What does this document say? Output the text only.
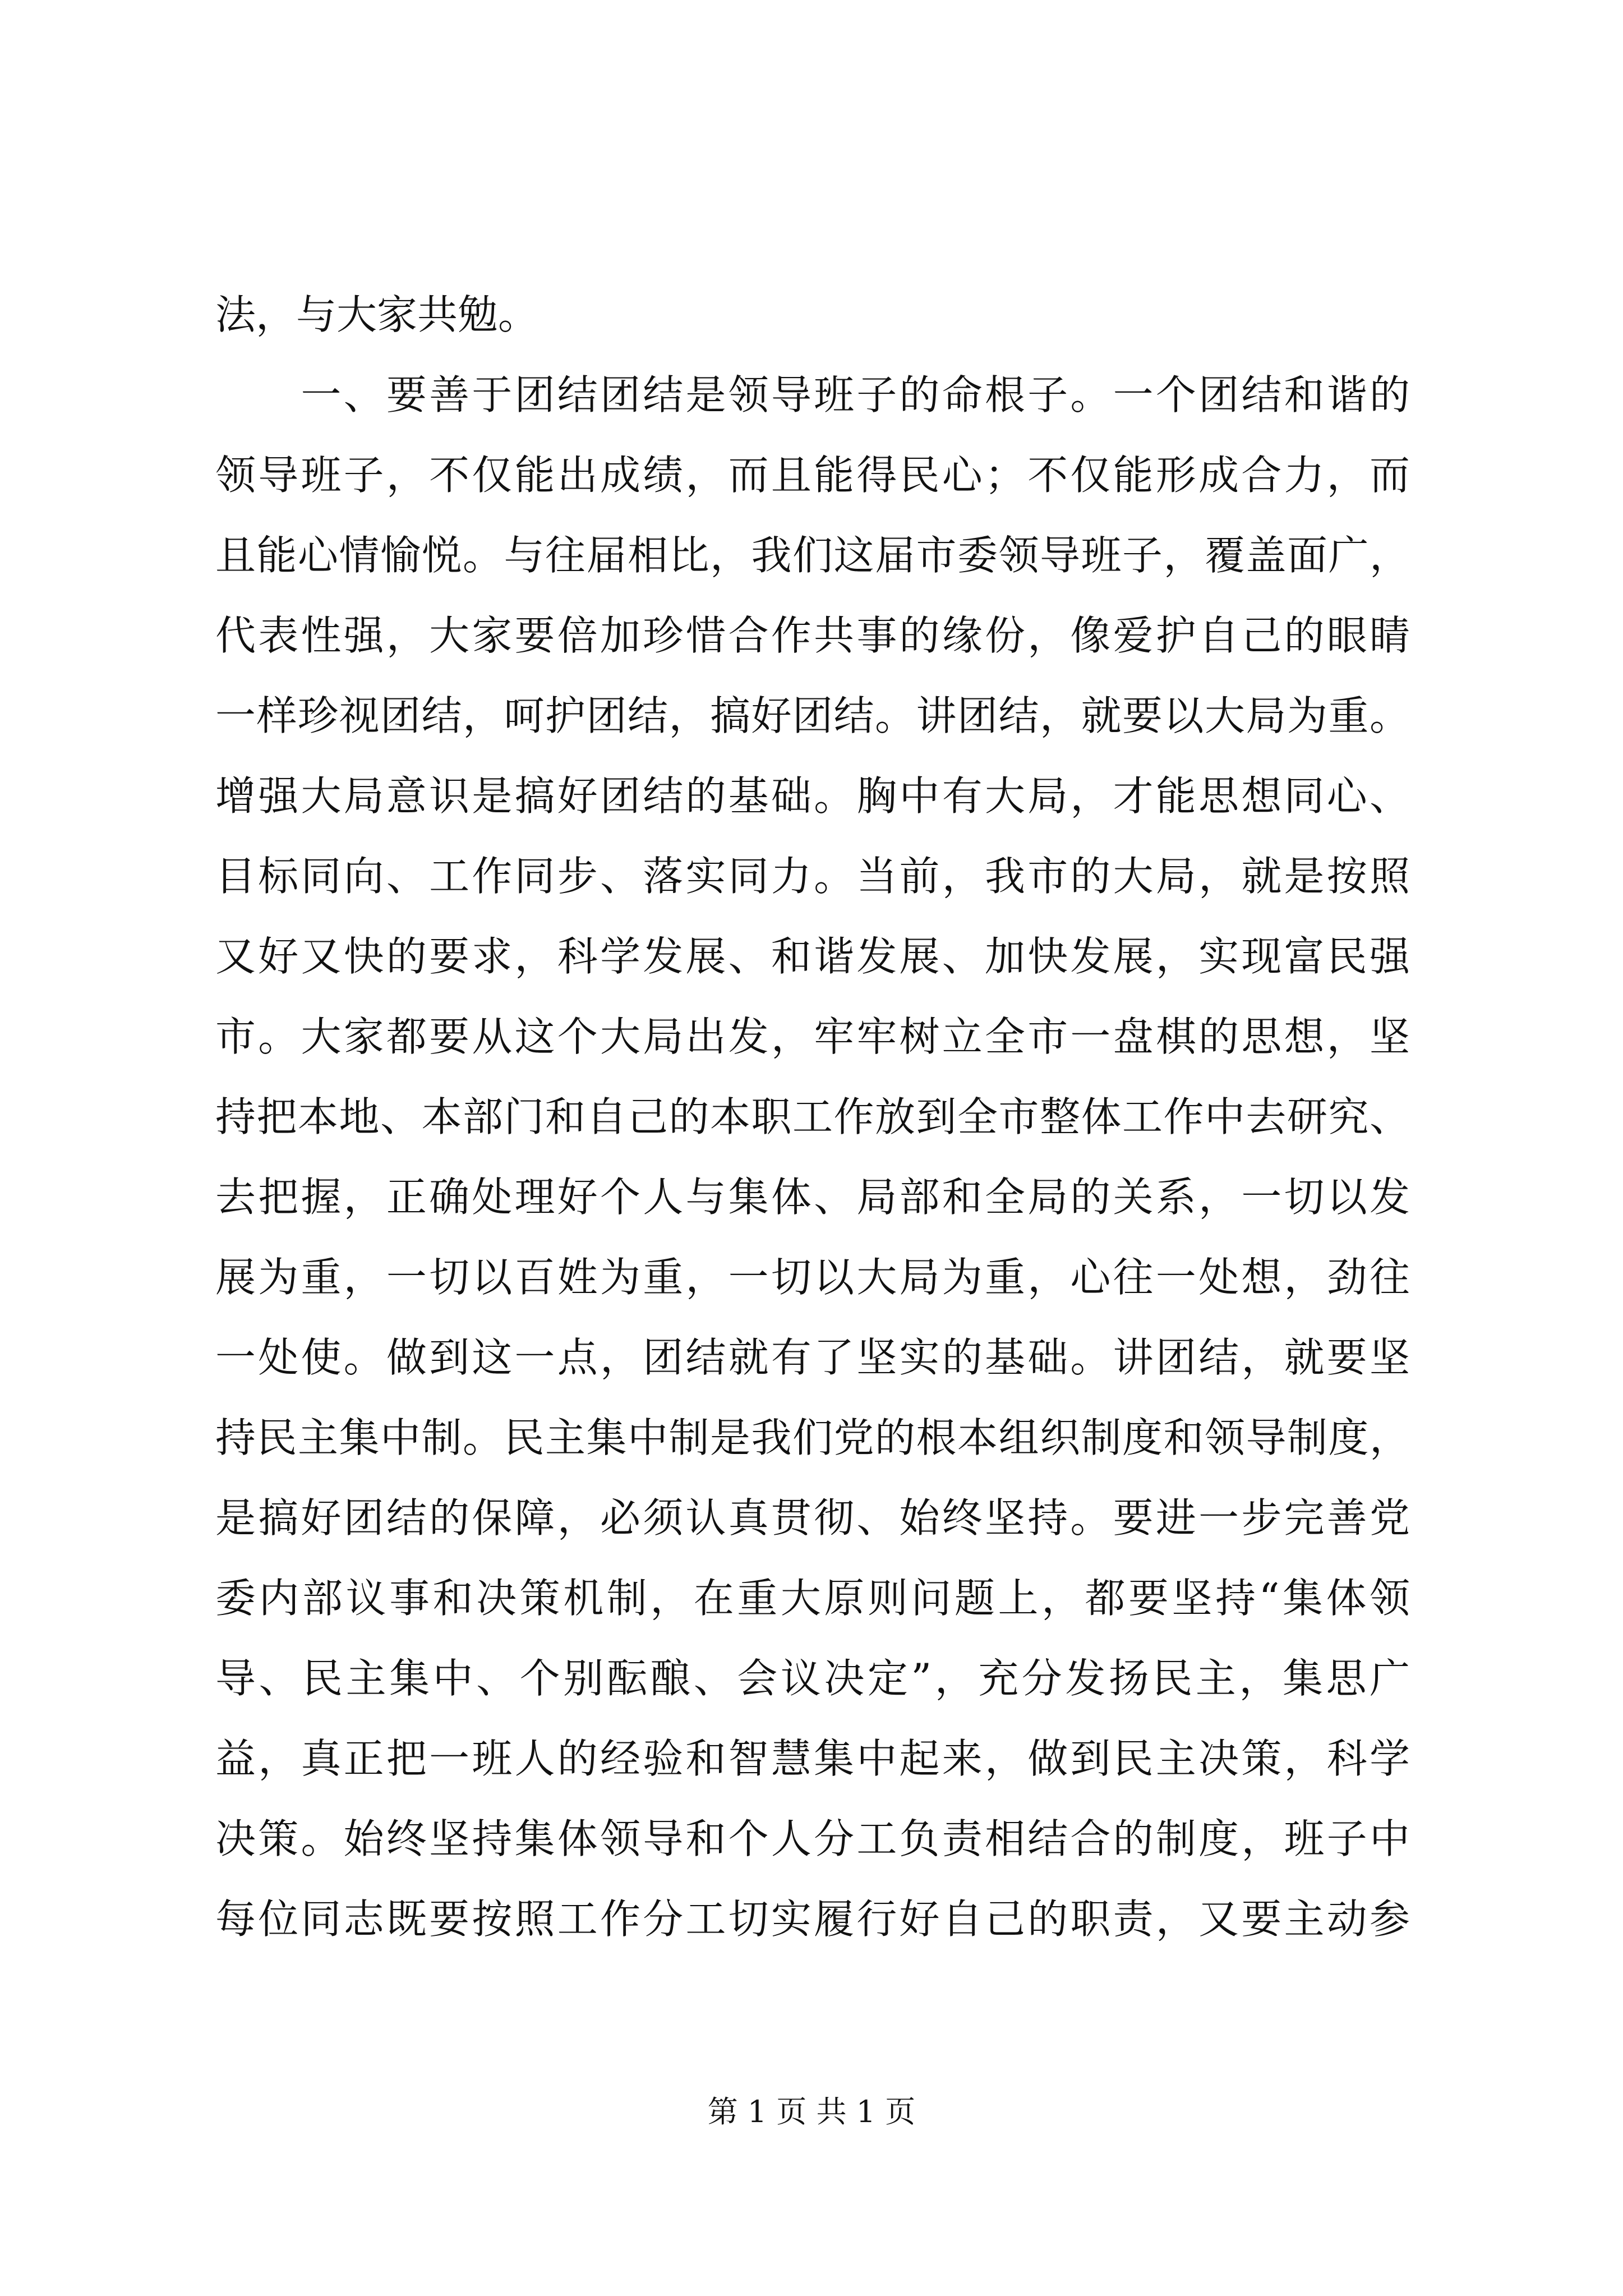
法，与大家共勉。
　　一、要善于团结团结是领导班子的命根子。一个团结和谐的
领导班子，不仅能出成绩，而且能得民心；不仅能形成合力，而
且能心情愉悦。与往届相比，我们这届市委领导班子，覆盖面广，
代表性强，大家要倍加珍惜合作共事的缘份，像爱护自己的眼睛
一样珍视团结，呵护团结，搞好团结。讲团结，就要以大局为重。
增强大局意识是搞好团结的基础。胸中有大局，才能思想同心、
目标同向、工作同步、落实同力。当前，我市的大局，就是按照
又好又快的要求，科学发展、和谐发展、加快发展，实现富民强
市。大家都要从这个大局出发，牢牢树立全市一盘棋的思想，坚
持把本地、本部门和自己的本职工作放到全市整体工作中去研究、
去把握，正确处理好个人与集体、局部和全局的关系，一切以发
展为重，一切以百姓为重，一切以大局为重，心往一处想，劲往
一处使。做到这一点，团结就有了坚实的基础。讲团结，就要坚
持民主集中制。民主集中制是我们党的根本组织制度和领导制度，
是搞好团结的保障，必须认真贯彻、始终坚持。要进一步完善党
委内部议事和决策机制，在重大原则问题上，都要坚持“集体领
导、民主集中、个别酝酿、会议决定”，充分发扬民主，集思广
益，真正把一班人的经验和智慧集中起来，做到民主决策，科学
决策。始终坚持集体领导和个人分工负责相结合的制度，班子中
每位同志既要按照工作分工切实履行好自己的职责，又要主动参
第 1 页 共 1 页
